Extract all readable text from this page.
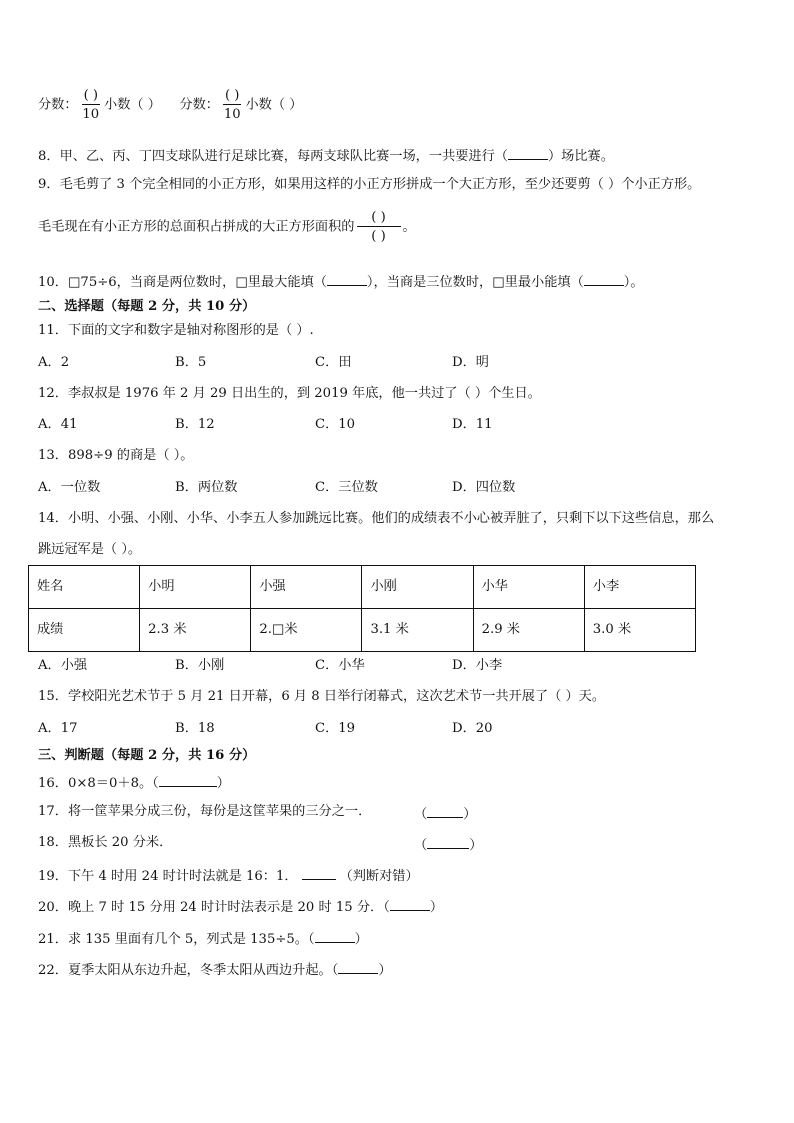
分数： $\frac{( )}{10}$ 小数（ ） 分数： $\frac{( )}{10}$ 小数（ ）
8．甲、乙、丙、丁四支球队进行足球比赛，每两支球队比赛一场，一共要进行（	）场比赛。
9．毛毛剪了 3 个完全相同的小正方形，如果用这样的小正方形拼成一个大正方形，至少还要剪（ ）个小正方形。
毛毛现在有小正方形的总面积占拼成的大正方形面积的 $\frac{( )}{( )}$ 。
10．□75÷6，当商是两位数时，□里最大能填（	），当商是三位数时，□里最小能填（	）。
二、选择题（每题 2 分，共 10 分）
11．下面的文字和数字是轴对称图形的是（ ）.
A．2	B．5	C．田	D．明
12．李叔叔是 1976 年 2 月 29 日出生的，到 2019 年底，他一共过了（ ）个生日。
A．41	B．12	C．10	D．11
13．898÷9 的商是（ ）。
A．一位数	B．两位数	C．三位数	D．四位数
14．小明、小强、小刚、小华、小李五人参加跳远比赛。他们的成绩表不小心被弄脏了，只剩下以下这些信息，那么
跳远冠军是（ ）。
姓名	小明	小强	小刚	小华	小李
成绩	2.3 米	2.□米	3.1 米	2.9 米	3.0 米
A．小强	B．小刚	C．小华	D．小李
15．学校阳光艺术节于 5 月 21 日开幕，6 月 8 日举行闭幕式，这次艺术节一共开展了（ ）天。
A．17	B．18	C．19	D．20
三、判断题（每题 2 分，共 16 分）
16．0×8＝0＋8。（	）
17．将一筐苹果分成三份，每份是这筐苹果的三分之一．	（	）
18．黑板长 20 分米．	（	）
19．下午 4 时用 24 时计时法就是 16：1．	（判断对错）
20．晚上 7 时 15 分用 24 时计时法表示是 20 时 15 分．（	）
21．求 135 里面有几个 5，列式是 135÷5。（	）
22．夏季太阳从东边升起，冬季太阳从西边升起。（	）
